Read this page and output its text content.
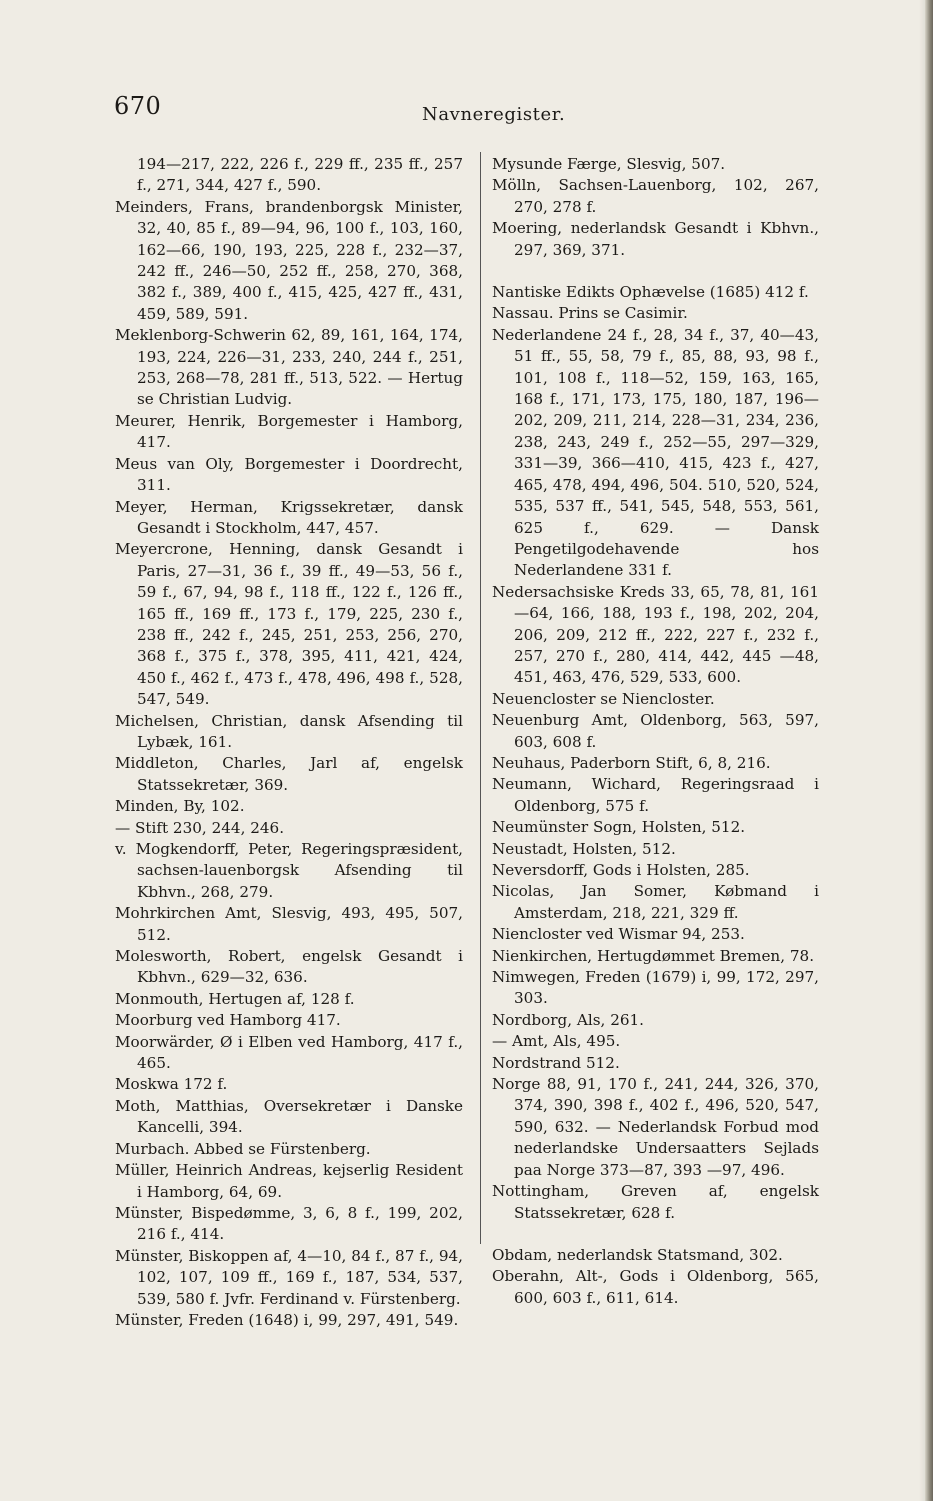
670	Navneregister.

194—217, 222, 226 f., 229 ff., 235 ff., 257 f., 271, 344, 427 f., 590.

Meinders, Frans, brandenborgsk Minister, 32, 40, 85 f., 89—94, 96, 100 f., 103, 160, 162—66, 190, 193, 225, 228 f., 232—37, 242 ff., 246—50, 252 ff., 258, 270, 368, 382 f., 389, 400 f., 415, 425, 427 ff., 431, 459, 589, 591.

Meklenborg-Schwerin 62, 89, 161, 164, 174, 193, 224, 226—31, 233, 240, 244 f., 251, 253, 268—78, 281 ff., 513, 522. — Hertug se Christian Ludvig.

Meurer, Henrik, Borgemester i Hamborg, 417.

Meus van Oly, Borgemester i Doordrecht, 311.

Meyer, Herman, Krigssekretær, dansk Gesandt i Stockholm, 447, 457.

Meyercrone, Henning, dansk Gesandt i Paris, 27—31, 36 f., 39 ff., 49—53, 56 f., 59 f., 67, 94, 98 f., 118 ff., 122 f., 126 ff., 165 ff., 169 ff., 173 f., 179, 225, 230 f., 238 ff., 242 f., 245, 251, 253, 256, 270, 368 f., 375 f., 378, 395, 411, 421, 424, 450 f., 462 f., 473 f., 478, 496, 498 f., 528, 547, 549.

Michelsen, Christian, dansk Afsending til Lybæk, 161.

Middleton, Charles, Jarl af, engelsk Statssekretær, 369.

Minden, By, 102.

— Stift 230, 244, 246.

v. Mogkendorff, Peter, Regeringspræsident, sachsen-lauenborgsk Afsending til Kbhvn., 268, 279.

Mohrkirchen Amt, Slesvig, 493, 495, 507, 512.

Molesworth, Robert, engelsk Gesandt i Kbhvn., 629—32, 636.

Monmouth, Hertugen af, 128 f.

Moorburg ved Hamborg 417.

Moorwärder, Ø i Elben ved Hamborg, 417 f., 465.

Moskwa 172 f.

Moth, Matthias, Oversekretær i Danske Kancelli, 394.

Murbach. Abbed se Fürstenberg.

Müller, Heinrich Andreas, kejserlig Resident i Hamborg, 64, 69.

Münster, Bispedømme, 3, 6, 8 f., 199, 202, 216 f., 414.

Münster, Biskoppen af, 4—10, 84 f., 87 f., 94, 102, 107, 109 ff., 169 f., 187, 534, 537, 539, 580 f. Jvfr. Ferdinand v. Fürstenberg.

Münster, Freden (1648) i, 99, 297, 491, 549.

Mysunde Færge, Slesvig, 507.

Mölln, Sachsen-Lauenborg, 102, 267, 270, 278 f.

Moering, nederlandsk Gesandt i Kbhvn., 297, 369, 371.

Nantiske Edikts Ophævelse (1685) 412 f.

Nassau. Prins se Casimir.

Nederlandene 24 f., 28, 34 f., 37, 40—43, 51 ff., 55, 58, 79 f., 85, 88, 93, 98 f., 101, 108 f., 118—52, 159, 163, 165, 168 f., 171, 173, 175, 180, 187, 196—202, 209, 211, 214, 228—31, 234, 236, 238, 243, 249 f., 252—55, 297—329, 331—39, 366—410, 415, 423 f., 427, 465, 478, 494, 496, 504. 510, 520, 524, 535, 537 ff., 541, 545, 548, 553, 561, 625 f., 629. — Dansk Pengetilgodehavende hos Nederlandene 331 f.

Nedersachsiske Kreds 33, 65, 78, 81, 161—64, 166, 188, 193 f., 198, 202, 204, 206, 209, 212 ff., 222, 227 f., 232 f., 257, 270 f., 280, 414, 442, 445 —48, 451, 463, 476, 529, 533, 600.

Neuencloster se Niencloster.

Neuenburg Amt, Oldenborg, 563, 597, 603, 608 f.

Neuhaus, Paderborn Stift, 6, 8, 216.

Neumann, Wichard, Regeringsraad i Oldenborg, 575 f.

Neumünster Sogn, Holsten, 512.

Neustadt, Holsten, 512.

Neversdorff, Gods i Holsten, 285.

Nicolas, Jan Somer, Købmand i Amsterdam, 218, 221, 329 ff.

Niencloster ved Wismar 94, 253.

Nienkirchen, Hertugdømmet Bremen, 78.

Nimwegen, Freden (1679) i, 99, 172, 297, 303.

Nordborg, Als, 261.

— Amt, Als, 495.

Nordstrand 512.

Norge 88, 91, 170 f., 241, 244, 326, 370, 374, 390, 398 f., 402 f., 496, 520, 547, 590, 632. — Nederlandsk Forbud mod nederlandske Undersaatters Sejlads paa Norge 373—87, 393 —97, 496.

Nottingham, Greven af, engelsk Statssekretær, 628 f.

Obdam, nederlandsk Statsmand, 302.

Oberahn, Alt-, Gods i Oldenborg, 565, 600, 603 f., 611, 614.
